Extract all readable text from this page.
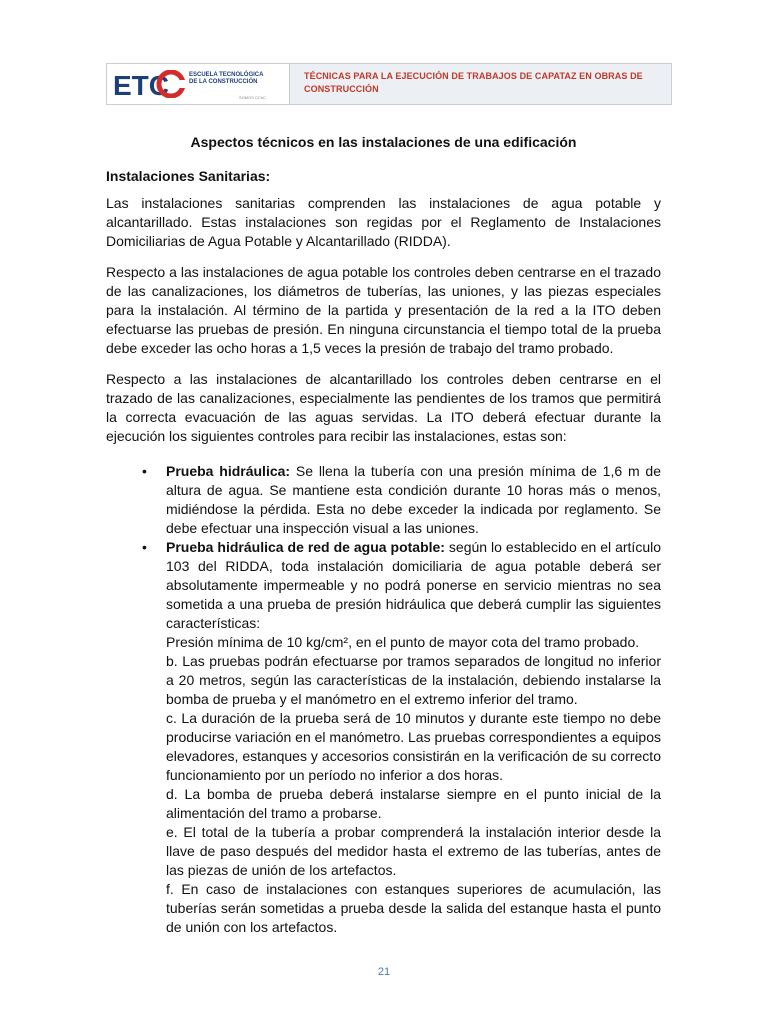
ETC	ESCUELA TECNOLÓGICA
DE LA CONSTRUCCIÓN
SOMOS CChC
TÉCNICAS PARA LA EJECUCIÓN DE TRABAJOS DE CAPATAZ EN OBRAS DE CONSTRUCCIÓN
Aspectos técnicos en las instalaciones de una edificación
Instalaciones Sanitarias:

Las instalaciones sanitarias comprenden las instalaciones de agua potable y alcantarillado. Estas instalaciones son regidas por el Reglamento de Instalaciones Domiciliarias de Agua Potable y Alcantarillado (RIDDA).

Respecto a las instalaciones de agua potable los controles deben centrarse en el trazado de las canalizaciones, los diámetros de tuberías, las uniones, y las piezas especiales para la instalación. Al término de la partida y presentación de la red a la ITO deben efectuarse las pruebas de presión. En ninguna circunstancia el tiempo total de la prueba debe exceder las ocho horas a 1,5 veces la presión de trabajo del tramo probado.

Respecto a las instalaciones de alcantarillado los controles deben centrarse en el trazado de las canalizaciones, especialmente las pendientes de los tramos que permitirá la correcta evacuación de las aguas servidas. La ITO deberá efectuar durante la ejecución los siguientes controles para recibir las instalaciones, estas son:

• Prueba hidráulica: Se llena la tubería con una presión mínima de 1,6 m de altura de agua. Se mantiene esta condición durante 10 horas más o menos, midiéndose la pérdida. Esta no debe exceder la indicada por reglamento. Se debe efectuar una inspección visual a las uniones.
• Prueba hidráulica de red de agua potable: según lo establecido en el artículo 103 del RIDDA, toda instalación domiciliaria de agua potable deberá ser absolutamente impermeable y no podrá ponerse en servicio mientras no sea sometida a una prueba de presión hidráulica que deberá cumplir las siguientes características:
Presión mínima de 10 kg/cm², en el punto de mayor cota del tramo probado.
b. Las pruebas podrán efectuarse por tramos separados de longitud no inferior a 20 metros, según las características de la instalación, debiendo instalarse la bomba de prueba y el manómetro en el extremo inferior del tramo.
c. La duración de la prueba será de 10 minutos y durante este tiempo no debe producirse variación en el manómetro. Las pruebas correspondientes a equipos elevadores, estanques y accesorios consistirán en la verificación de su correcto funcionamiento por un período no inferior a dos horas.
d. La bomba de prueba deberá instalarse siempre en el punto inicial de la alimentación del tramo a probarse.
e. El total de la tubería a probar comprenderá la instalación interior desde la llave de paso después del medidor hasta el extremo de las tuberías, antes de las piezas de unión de los artefactos.
f. En caso de instalaciones con estanques superiores de acumulación, las tuberías serán sometidas a prueba desde la salida del estanque hasta el punto de unión con los artefactos.
21
